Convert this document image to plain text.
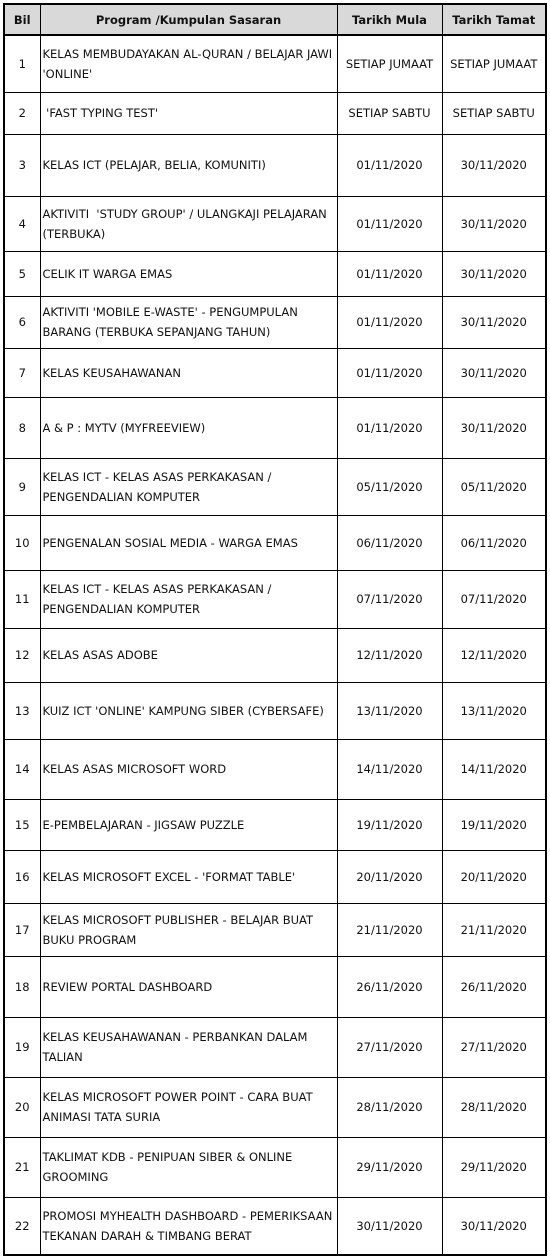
Bil	Program /Kumpulan Sasaran	Tarikh Mula	Tarikh Tamat
1	KELAS MEMBUDAYAKAN AL-QURAN / BELAJAR JAWI 'ONLINE'	SETIAP JUMAAT	SETIAP JUMAAT
2	'FAST TYPING TEST'	SETIAP SABTU	SETIAP SABTU
3	KELAS ICT (PELAJAR, BELIA, KOMUNITI)	01/11/2020	30/11/2020
4	AKTIVITI  'STUDY GROUP' / ULANGKAJI PELAJARAN (TERBUKA)	01/11/2020	30/11/2020
5	CELIK IT WARGA EMAS	01/11/2020	30/11/2020
6	AKTIVITI 'MOBILE E-WASTE' - PENGUMPULAN BARANG (TERBUKA SEPANJANG TAHUN)	01/11/2020	30/11/2020
7	KELAS KEUSAHAWANAN	01/11/2020	30/11/2020
8	A & P : MYTV (MYFREEVIEW)	01/11/2020	30/11/2020
9	KELAS ICT - KELAS ASAS PERKAKASAN / PENGENDALIAN KOMPUTER	05/11/2020	05/11/2020
10	PENGENALAN SOSIAL MEDIA - WARGA EMAS	06/11/2020	06/11/2020
11	KELAS ICT - KELAS ASAS PERKAKASAN / PENGENDALIAN KOMPUTER	07/11/2020	07/11/2020
12	KELAS ASAS ADOBE	12/11/2020	12/11/2020
13	KUIZ ICT 'ONLINE' KAMPUNG SIBER (CYBERSAFE)	13/11/2020	13/11/2020
14	KELAS ASAS MICROSOFT WORD	14/11/2020	14/11/2020
15	E-PEMBELAJARAN - JIGSAW PUZZLE	19/11/2020	19/11/2020
16	KELAS MICROSOFT EXCEL - 'FORMAT TABLE'	20/11/2020	20/11/2020
17	KELAS MICROSOFT PUBLISHER - BELAJAR BUAT BUKU PROGRAM	21/11/2020	21/11/2020
18	REVIEW PORTAL DASHBOARD	26/11/2020	26/11/2020
19	KELAS KEUSAHAWANAN - PERBANKAN DALAM TALIAN	27/11/2020	27/11/2020
20	KELAS MICROSOFT POWER POINT - CARA BUAT ANIMASI TATA SURIA	28/11/2020	28/11/2020
21	TAKLIMAT KDB - PENIPUAN SIBER & ONLINE GROOMING	29/11/2020	29/11/2020
22	PROMOSI MYHEALTH DASHBOARD - PEMERIKSAAN TEKANAN DARAH & TIMBANG BERAT	30/11/2020	30/11/2020
